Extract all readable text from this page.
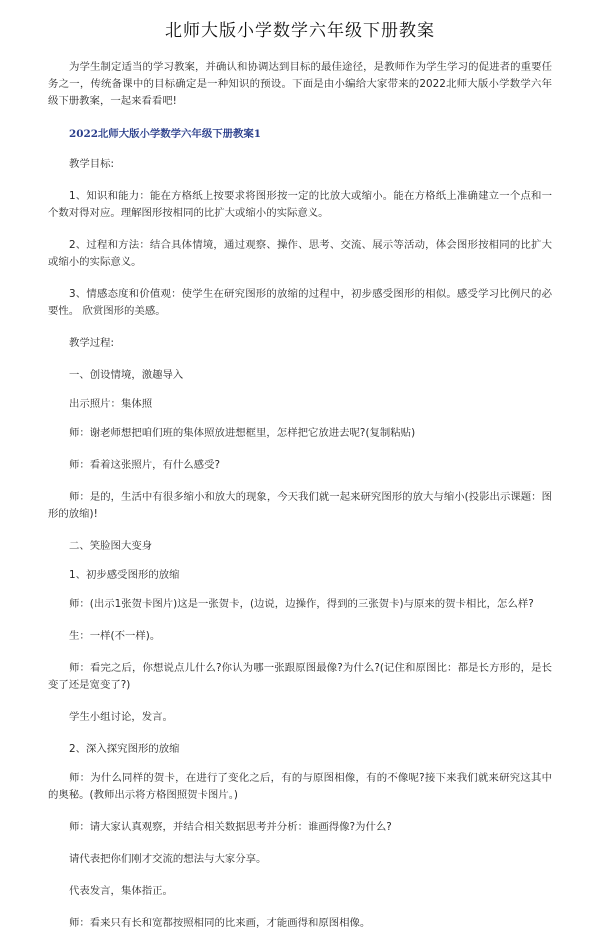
北师大版小学数学六年级下册教案

为学生制定适当的学习教案，并确认和协调达到目标的最佳途径，是教师作为学生学习的促进者的重要任务之一，传统备课中的目标确定是一种知识的预设。下面是由小编给大家带来的2022北师大版小学数学六年级下册教案，一起来看看吧!

2022北师大版小学数学六年级下册教案1

教学目标:

1、知识和能力：能在方格纸上按要求将图形按一定的比放大或缩小。能在方格纸上准确建立一个点和一个数对得对应。理解图形按相同的比扩大或缩小的实际意义。

2、过程和方法：结合具体情境，通过观察、操作、思考、交流、展示等活动，体会图形按相同的比扩大或缩小的实际意义。

3、情感态度和价值观：使学生在研究图形的放缩的过程中，初步感受图形的相似。感受学习比例尺的必要性。 欣赏图形的美感。

教学过程:

一、创设情境，激趣导入

出示照片：集体照

师：谢老师想把咱们班的集体照放进想框里，怎样把它放进去呢?(复制粘贴)

师：看着这张照片，有什么感受?

师：是的，生活中有很多缩小和放大的现象，今天我们就一起来研究图形的放大与缩小(投影出示课题：图形的放缩)!

二、笑脸图大变身

1、初步感受图形的放缩

师：(出示1张贺卡图片)这是一张贺卡，(边说，边操作，得到的三张贺卡)与原来的贺卡相比，怎么样?

生：一样(不一样)。

师：看完之后，你想说点儿什么?你认为哪一张跟原图最像?为什么?(记住和原图比：都是长方形的，是长变了还是宽变了?)

学生小组讨论，发言。

2、深入探究图形的放缩

师：为什么同样的贺卡，在进行了变化之后，有的与原图相像，有的不像呢?接下来我们就来研究这其中的奥秘。(教师出示将方格图照贺卡图片。)

师：请大家认真观察，并结合相关数据思考并分析：谁画得像?为什么?

请代表把你们刚才交流的想法与大家分享。

代表发言，集体指正。

师：看来只有长和宽都按照相同的比来画，才能画得和原图相像。
